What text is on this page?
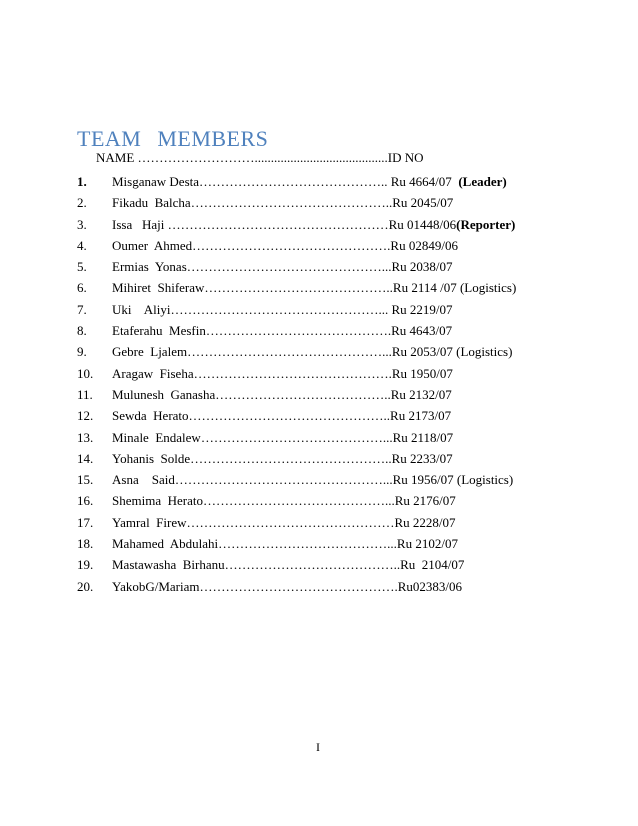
TEAM MEMBERS
NAME ……………………….........................................ID NO
1.	Misganaw Desta…………………………………….. Ru 4664/07  (Leader)
2.	Fikadu  Balcha………………………………………..Ru 2045/07
3.	Issa   Haji ……………………………………………Ru 01448/06(Reporter)
4.	Oumer  Ahmed……………………………………….Ru 02849/06
5.	Ermias  Yonas………………………………………...Ru 2038/07
6.	Mihiret  Shiferaw……………………………………..Ru 2114 /07 (Logistics)
7.	Uki    Aliyi…………………………………………... Ru 2219/07
8.	Etaferahu  Mesfin…………………………………….Ru 4643/07
9.	Gebre  Ljalem………………………………………...Ru 2053/07 (Logistics)
10.	Aragaw  Fiseha……………………………………….Ru 1950/07
11.	Mulunesh  Ganasha…………………………………..Ru 2132/07
12.	Sewda  Herato………………………………………..Ru 2173/07
13.	Minale  Endalew……………………………………...Ru 2118/07
14.	Yohanis  Solde………………………………………..Ru 2233/07
15.	Asna    Said…………………………………………...Ru 1956/07 (Logistics)
16.	Shemima  Herato……………………………………...Ru 2176/07
17.	Yamral  Firew…………………………………………Ru 2228/07
18.	Mahamed  Abdulahi…………………………………...Ru 2102/07
19.	Mastawasha  Birhanu…………………………………..Ru  2104/07
20.	YakobG/Mariam……………………………………….Ru02383/06
I
